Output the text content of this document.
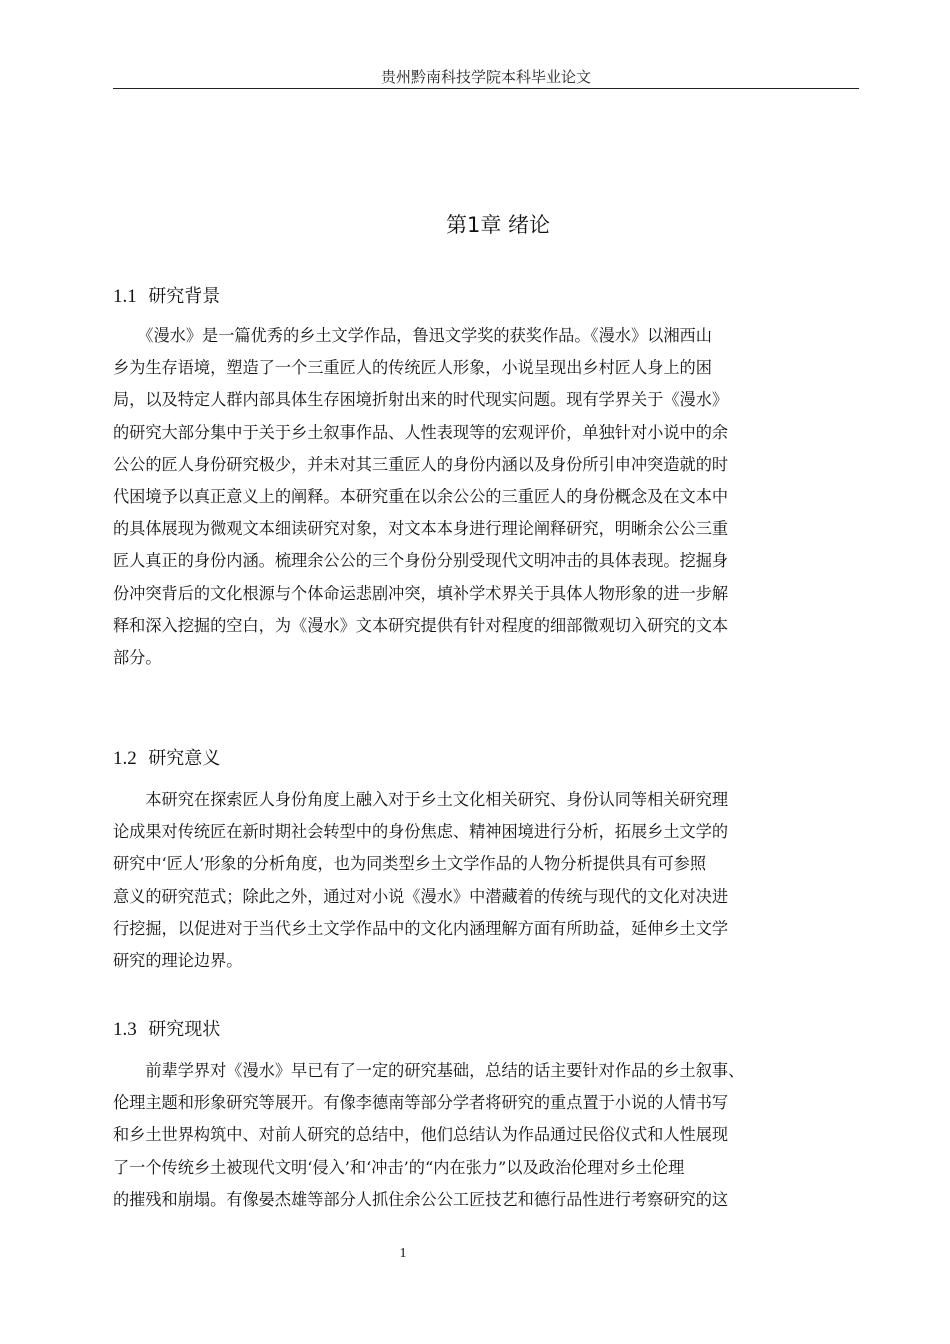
贵州黔南科技学院本科毕业论文
第1章 绪论
1.1 研究背景
　　《漫水》是一篇优秀的乡土文学作品，鲁迅文学奖的获奖作品。《漫水》以湘西山
乡为生存语境，塑造了一个三重匠人的传统匠人形象，小说呈现出乡村匠人身上的困
局，以及特定人群内部具体生存困境折射出来的时代现实问题。现有学界关于《漫水》
的研究大部分集中于关于乡土叙事作品、人性表现等的宏观评价，单独针对小说中的余
公公的匠人身份研究极少，并未对其三重匠人的身份内涵以及身份所引申冲突造就的时
代困境予以真正意义上的阐释。本研究重在以余公公的三重匠人的身份概念及在文本中
的具体展现为微观文本细读研究对象，对文本本身进行理论阐释研究，明晰余公公三重
匠人真正的身份内涵。梳理余公公的三个身份分别受现代文明冲击的具体表现。挖掘身
份冲突背后的文化根源与个体命运悲剧冲突，填补学术界关于具体人物形象的进一步解
释和深入挖掘的空白，为《漫水》文本研究提供有针对程度的细部微观切入研究的文本
部分。
1.2 研究意义
　　本研究在探索匠人身份角度上融入对于乡土文化相关研究、身份认同等相关研究理
论成果对传统匠在新时期社会转型中的身份焦虑、精神困境进行分析，拓展乡土文学的
研究中‘匠人’形象的分析角度，也为同类型乡土文学作品的人物分析提供具有可参照
意义的研究范式；除此之外，通过对小说《漫水》中潜藏着的传统与现代的文化对决进
行挖掘，以促进对于当代乡土文学作品中的文化内涵理解方面有所助益，延伸乡土文学
研究的理论边界。
1.3 研究现状
　　前辈学界对《漫水》早已有了一定的研究基础，总结的话主要针对作品的乡土叙事、
伦理主题和形象研究等展开。有像李德南等部分学者将研究的重点置于小说的人情书写
和乡土世界构筑中、对前人研究的总结中，他们总结认为作品通过民俗仪式和人性展现
了一个传统乡土被现代文明‘侵入’和‘冲击’的“内在张力”以及政治伦理对乡土伦理
的摧残和崩塌。有像晏杰雄等部分人抓住余公公工匠技艺和德行品性进行考察研究的这
1
